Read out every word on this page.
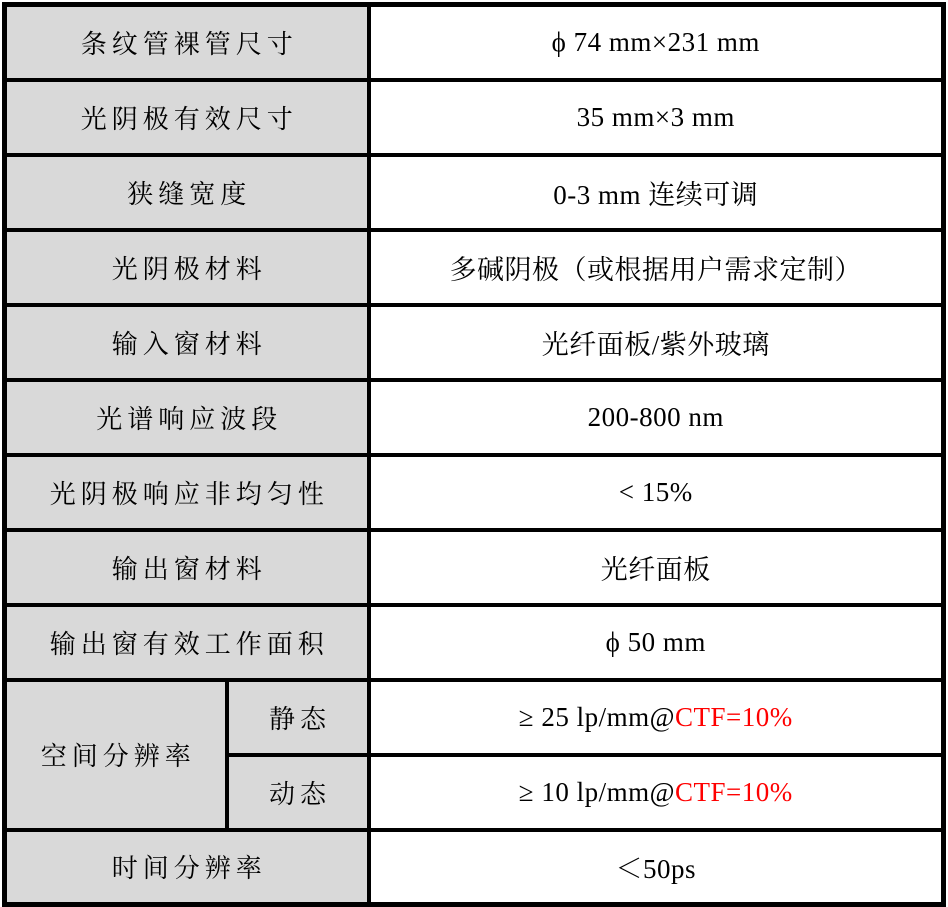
条纹管裸管尺寸		ϕ 74 mm×231 mm
光阴极有效尺寸		35 mm×3 mm
狭缝宽度		0-3 mm 连续可调
光阴极材料		多碱阴极（或根据用户需求定制）
输入窗材料		光纤面板/紫外玻璃
光谱响应波段		200-800 nm
光阴极响应非均匀性		< 15%
输出窗材料		光纤面板
输出窗有效工作面积		ϕ 50 mm
空间分辨率	静态	≥ 25 lp/mm@CTF=10%
	动态	≥ 10 lp/mm@CTF=10%
时间分辨率		＜50ps
